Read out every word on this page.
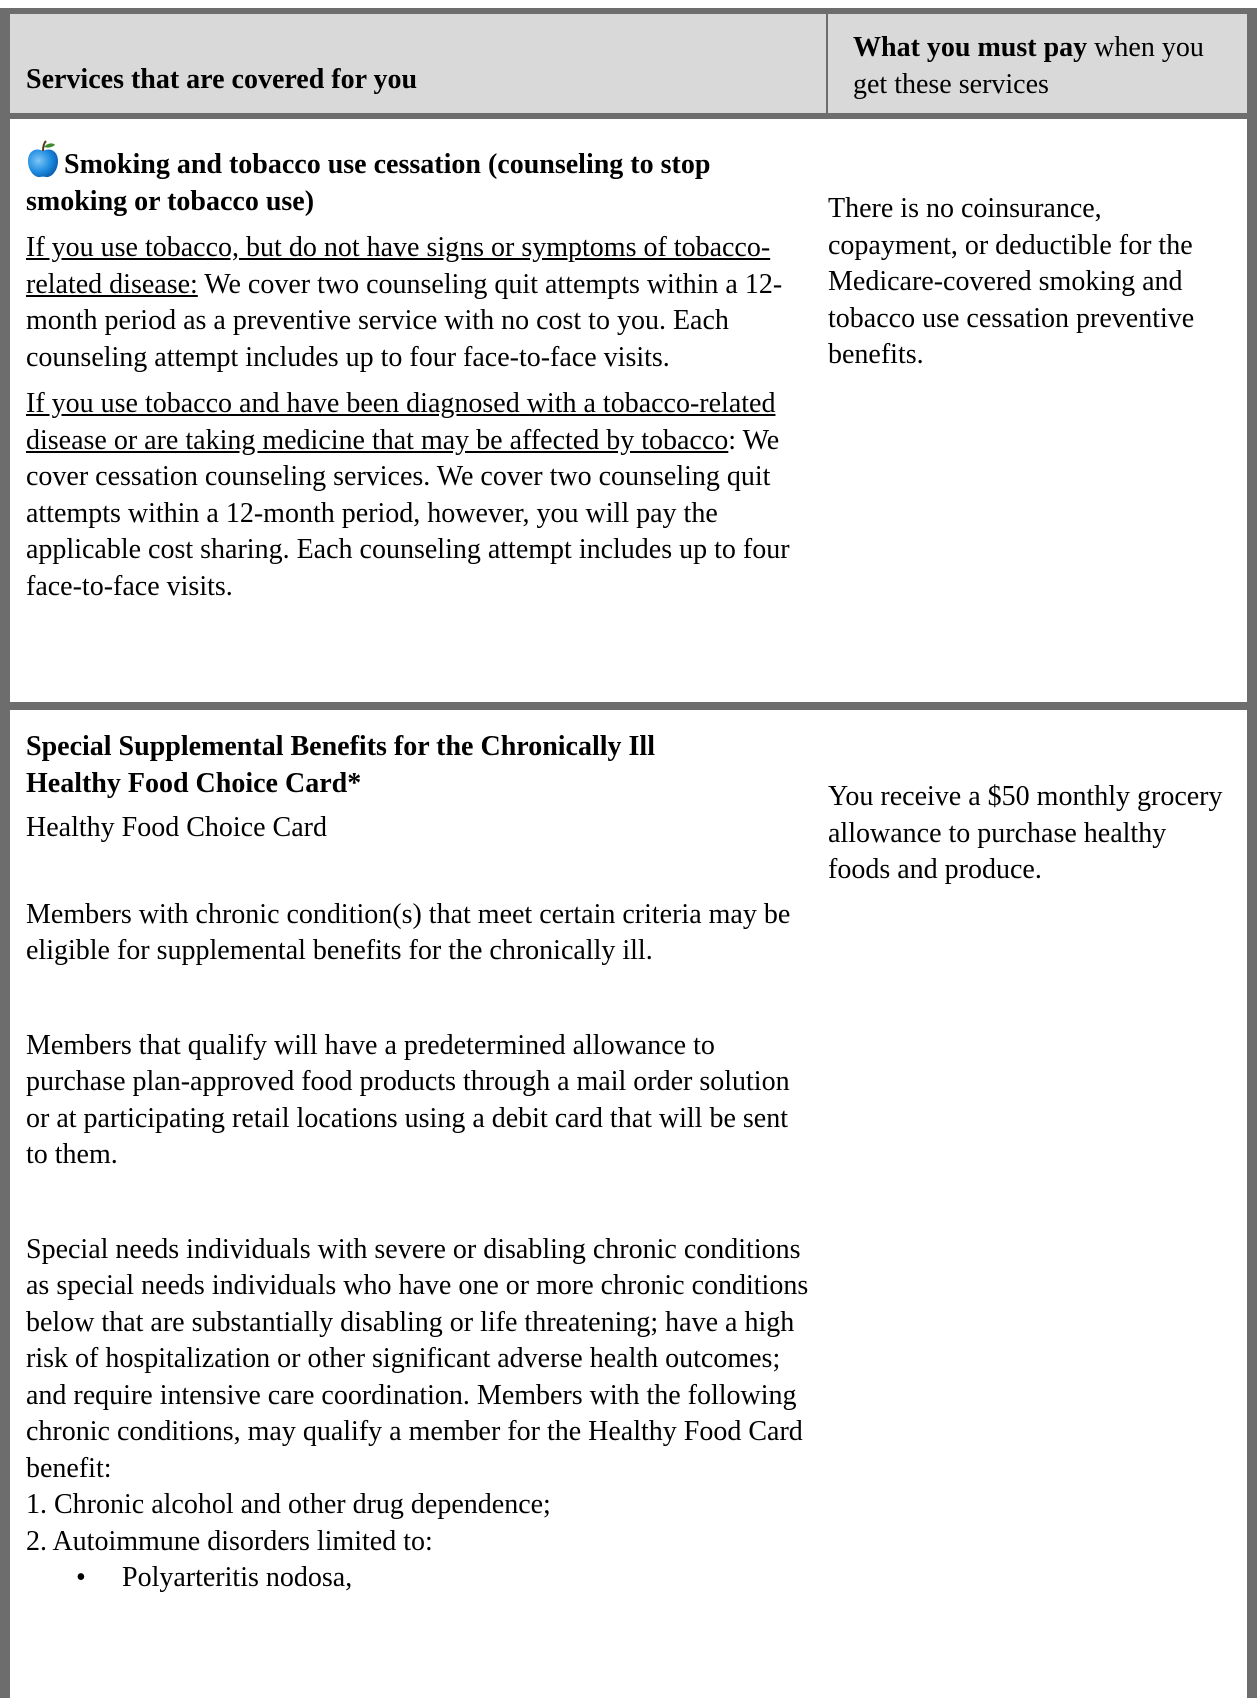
Services that are covered for you
What you must pay when you get these services

Smoking and tobacco use cessation (counseling to stop smoking or tobacco use)

If you use tobacco, but do not have signs or symptoms of tobacco-related disease: We cover two counseling quit attempts within a 12-month period as a preventive service with no cost to you. Each counseling attempt includes up to four face-to-face visits.

If you use tobacco and have been diagnosed with a tobacco-related disease or are taking medicine that may be affected by tobacco: We cover cessation counseling services. We cover two counseling quit attempts within a 12-month period, however, you will pay the applicable cost sharing. Each counseling attempt includes up to four face-to-face visits.

There is no coinsurance, copayment, or deductible for the Medicare-covered smoking and tobacco use cessation preventive benefits.

Special Supplemental Benefits for the Chronically Ill

Healthy Food Choice Card*

Healthy Food Choice Card

Members with chronic condition(s) that meet certain criteria may be eligible for supplemental benefits for the chronically ill.

Members that qualify will have a predetermined allowance to purchase plan-approved food products through a mail order solution or at participating retail locations using a debit card that will be sent to them.

Special needs individuals with severe or disabling chronic conditions as special needs individuals who have one or more chronic conditions below that are substantially disabling or life threatening; have a high risk of hospitalization or other significant adverse health outcomes; and require intensive care coordination. Members with the following chronic conditions, may qualify a member for the Healthy Food Card benefit:

1. Chronic alcohol and other drug dependence;

2. Autoimmune disorders limited to:

• Polyarteritis nodosa,

You receive a $50 monthly grocery allowance to purchase healthy foods and produce.
